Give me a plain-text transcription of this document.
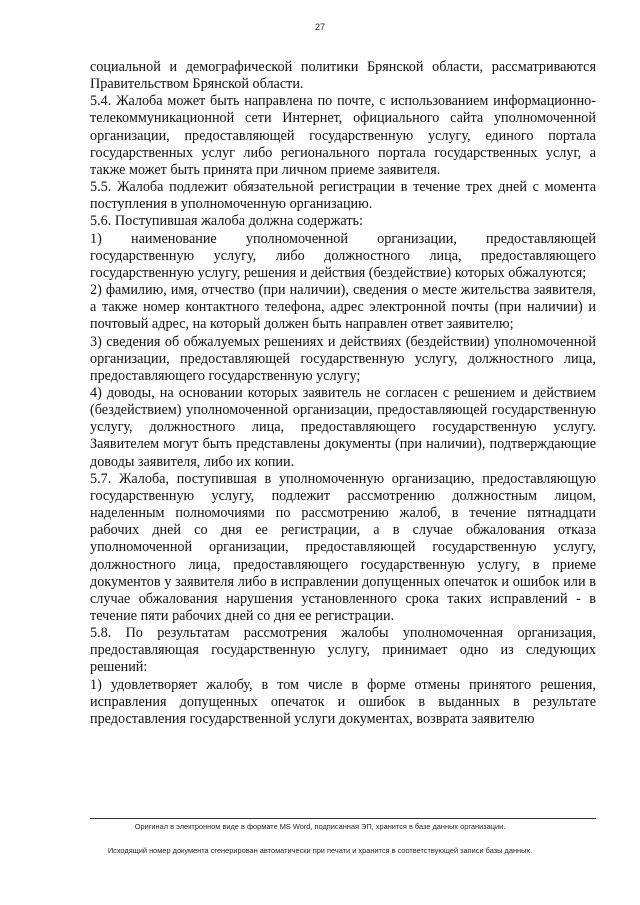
27

социальной и демографической политики Брянской области, рассматриваются Правительством Брянской области.

5.4. Жалоба может быть направлена по почте, с использованием информационно-телекоммуникационной сети Интернет, официального сайта уполномоченной организации, предоставляющей государственную услугу, единого портала государственных услуг либо регионального портала государственных услуг, а также может быть принята при личном приеме заявителя.

5.5. Жалоба подлежит обязательной регистрации в течение трех дней с момента поступления в уполномоченную организацию.

5.6. Поступившая жалоба должна содержать:

1) наименование уполномоченной организации, предоставляющей государственную услугу, либо должностного лица, предоставляющего государственную услугу, решения и действия (бездействие) которых обжалуются;

2) фамилию, имя, отчество (при наличии), сведения о месте жительства заявителя, а также номер контактного телефона, адрес электронной почты (при наличии) и почтовый адрес, на который должен быть направлен ответ заявителю;

3) сведения об обжалуемых решениях и действиях (бездействии) уполномоченной организации, предоставляющей государственную услугу, должностного лица, предоставляющего государственную услугу;

4) доводы, на основании которых заявитель не согласен с решением и действием (бездействием) уполномоченной организации, предоставляющей государственную услугу, должностного лица, предоставляющего государственную услугу. Заявителем могут быть представлены документы (при наличии), подтверждающие доводы заявителя, либо их копии.

5.7. Жалоба, поступившая в уполномоченную организацию, предоставляющую государственную услугу, подлежит рассмотрению должностным лицом, наделенным полномочиями по рассмотрению жалоб, в течение пятнадцати рабочих дней со дня ее регистрации, а в случае обжалования отказа уполномоченной организации, предоставляющей государственную услугу, должностного лица, предоставляющего государственную услугу, в приеме документов у заявителя либо в исправлении допущенных опечаток и ошибок или в случае обжалования нарушения установленного срока таких исправлений - в течение пяти рабочих дней со дня ее регистрации.

5.8. По результатам рассмотрения жалобы уполномоченная организация, предоставляющая государственную услугу, принимает одно из следующих решений:

1) удовлетворяет жалобу, в том числе в форме отмены принятого решения, исправления допущенных опечаток и ошибок в выданных в результате предоставления государственной услуги документах, возврата заявителю

Оригинал в электронном виде в формате MS Word, подписанная ЭП, хранится в базе данных организации.
Исходящий номер документа сгенерирован автоматически при печати и хранится в соответствующей записи базы данных.
